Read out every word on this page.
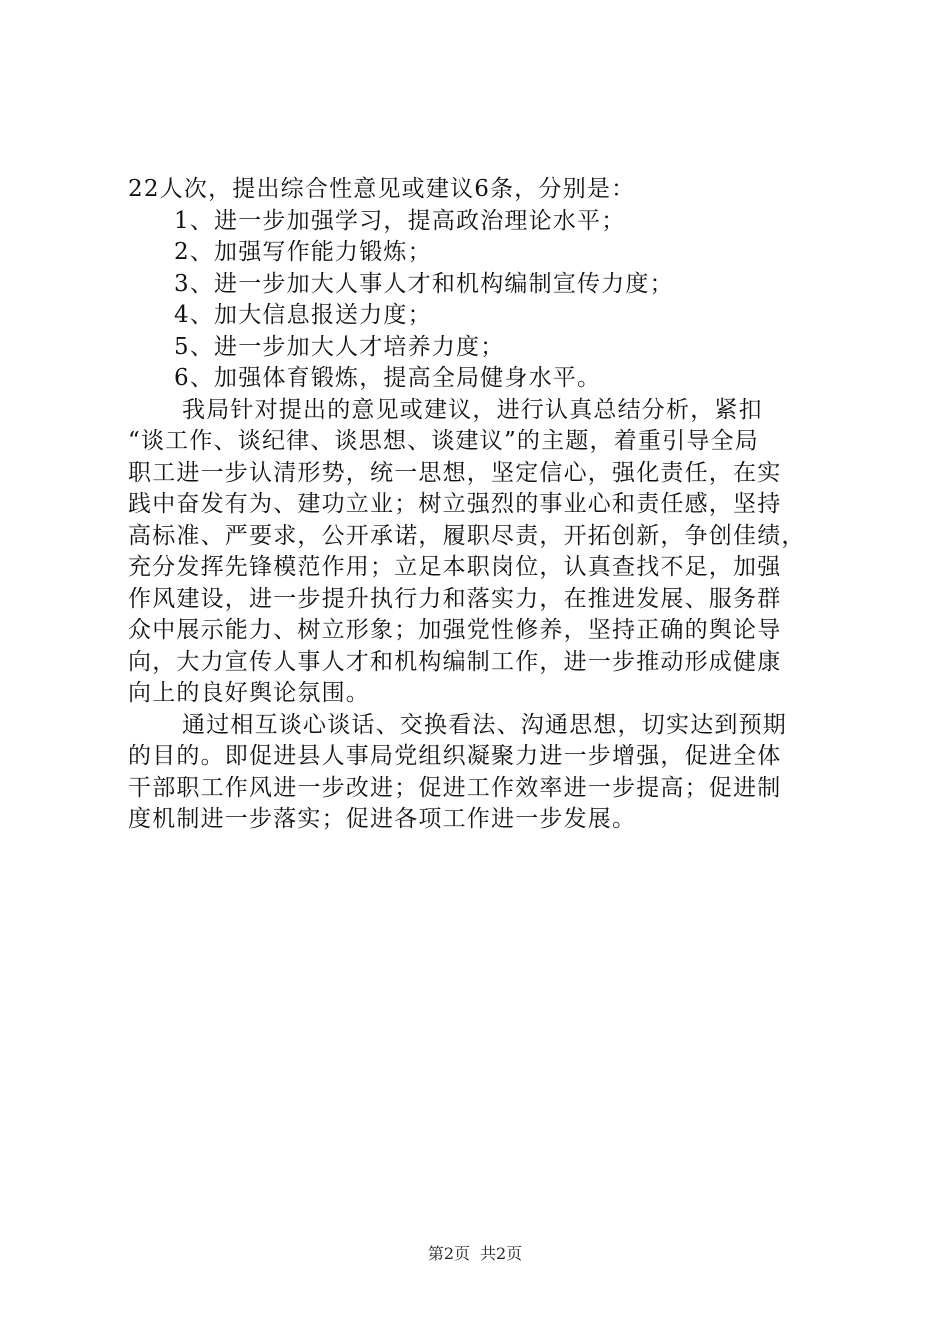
22人次，提出综合性意见或建议6条，分别是：
1、进一步加强学习，提高政治理论水平；
2、加强写作能力锻炼；
3、进一步加大人事人才和机构编制宣传力度；
4、加大信息报送力度；
5、进一步加大人才培养力度；
6、加强体育锻炼，提高全局健身水平。
我局针对提出的意见或建议，进行认真总结分析，紧扣
“谈工作、谈纪律、谈思想、谈建议”的主题，着重引导全局
职工进一步认清形势，统一思想，坚定信心，强化责任，在实
践中奋发有为、建功立业；树立强烈的事业心和责任感，坚持
高标准、严要求，公开承诺，履职尽责，开拓创新，争创佳绩，
充分发挥先锋模范作用；立足本职岗位，认真查找不足，加强
作风建设，进一步提升执行力和落实力，在推进发展、服务群
众中展示能力、树立形象；加强党性修养，坚持正确的舆论导
向，大力宣传人事人才和机构编制工作，进一步推动形成健康
向上的良好舆论氛围。
通过相互谈心谈话、交换看法、沟通思想，切实达到预期
的目的。即促进县人事局党组织凝聚力进一步增强，促进全体
干部职工作风进一步改进；促进工作效率进一步提高；促进制
度机制进一步落实；促进各项工作进一步发展。
第2页 共2页
